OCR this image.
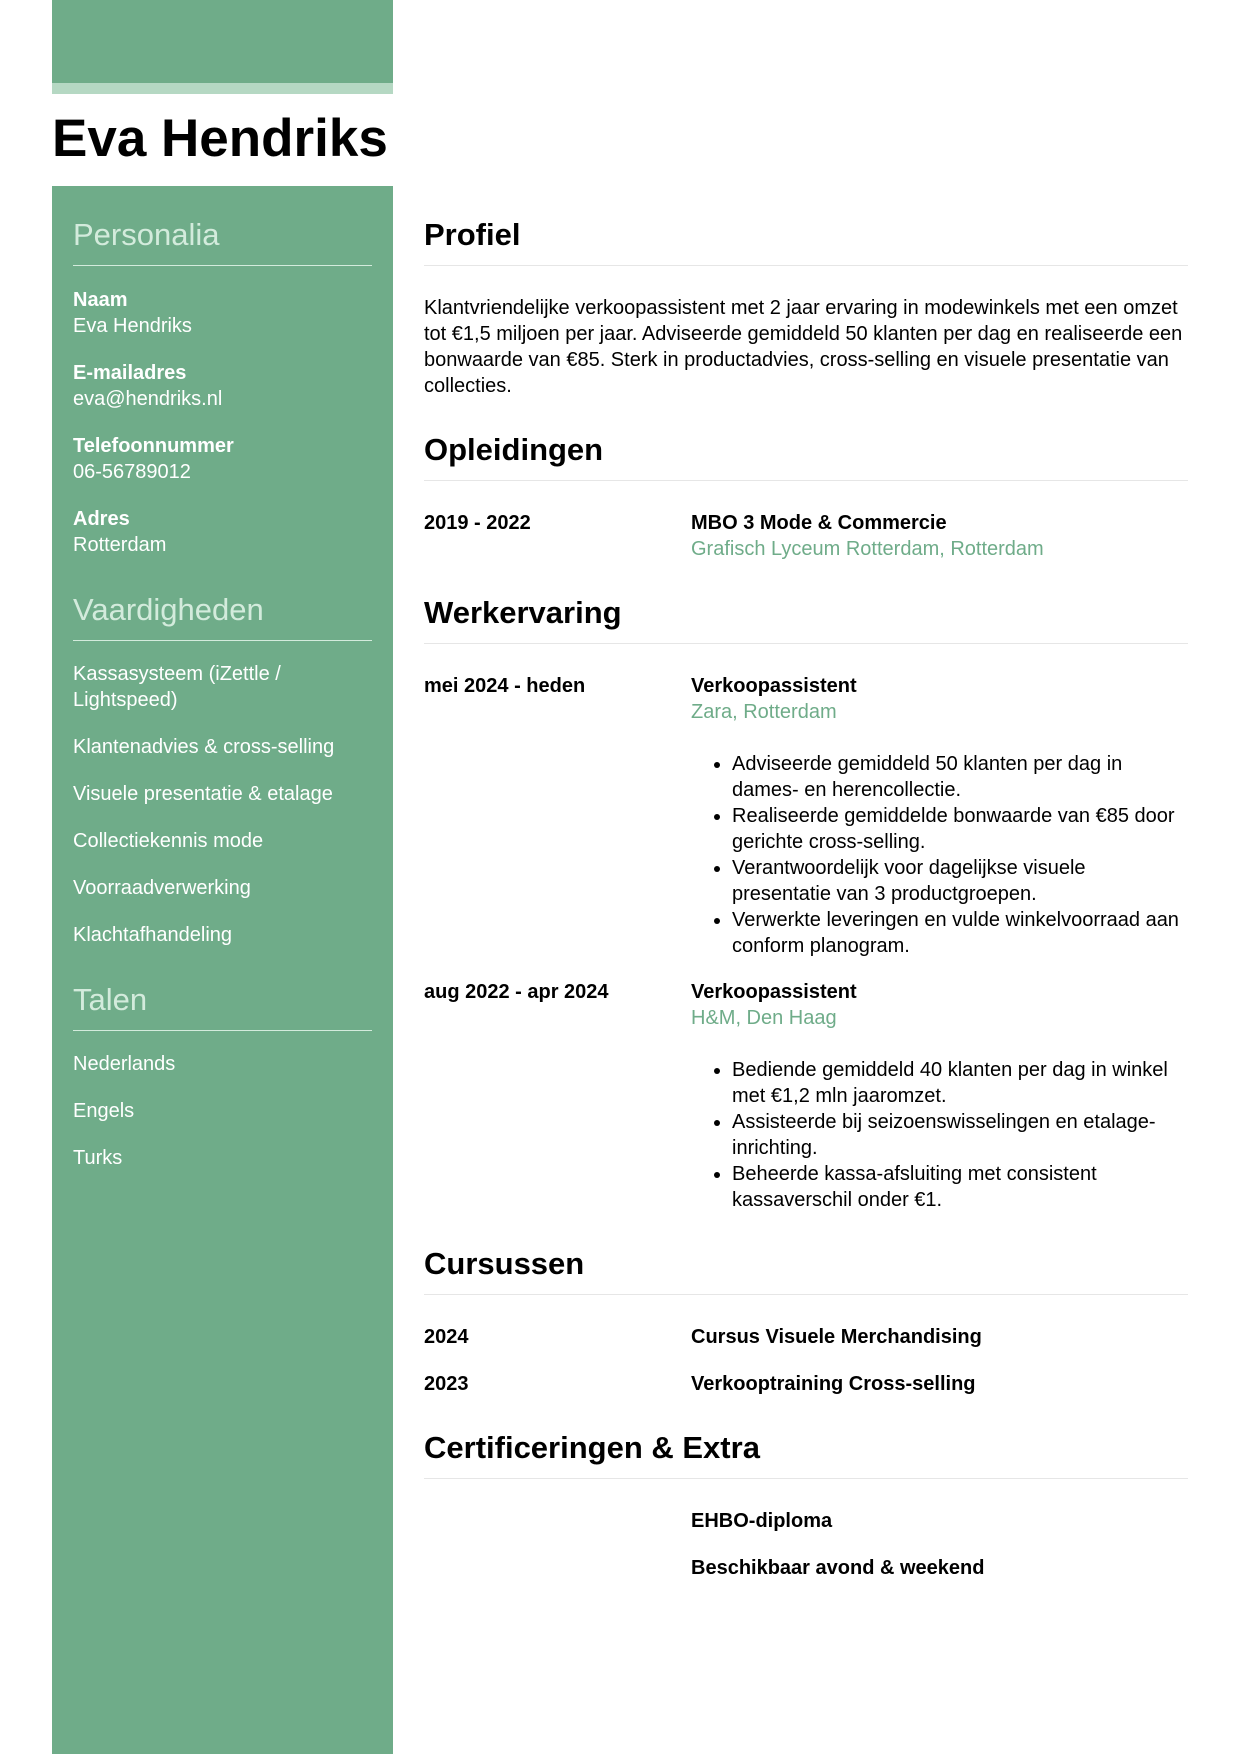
Eva Hendriks
Personalia
Naam
Eva Hendriks
E-mailadres
eva@hendriks.nl
Telefoonnummer
06-56789012
Adres
Rotterdam
Vaardigheden
Kassasysteem (iZettle / Lightspeed)
Klantenadvies & cross-selling
Visuele presentatie & etalage
Collectiekennis mode
Voorraadverwerking
Klachtafhandeling
Talen
Nederlands
Engels
Turks
Profiel
Klantvriendelijke verkoopassistent met 2 jaar ervaring in modewinkels met een omzet tot €1,5 miljoen per jaar. Adviseerde gemiddeld 50 klanten per dag en realiseerde een bonwaarde van €85. Sterk in productadvies, cross-selling en visuele presentatie van collecties.
Opleidingen
2019 - 2022	MBO 3 Mode & Commercie
Grafisch Lyceum Rotterdam, Rotterdam
Werkervaring
mei 2024 - heden	Verkoopassistent
Zara, Rotterdam
• Adviseerde gemiddeld 50 klanten per dag in dames- en herencollectie.
• Realiseerde gemiddelde bonwaarde van €85 door gerichte cross-selling.
• Verantwoordelijk voor dagelijkse visuele presentatie van 3 productgroepen.
• Verwerkte leveringen en vulde winkelvoorraad aan conform planogram.
aug 2022 - apr 2024	Verkoopassistent
H&M, Den Haag
• Bediende gemiddeld 40 klanten per dag in winkel met €1,2 mln jaaromzet.
• Assisteerde bij seizoenswisselingen en etalage-inrichting.
• Beheerde kassa-afsluiting met consistent kassaverschil onder €1.
Cursussen
2024	Cursus Visuele Merchandising
2023	Verkooptraining Cross-selling
Certificeringen & Extra
EHBO-diploma
Beschikbaar avond & weekend
